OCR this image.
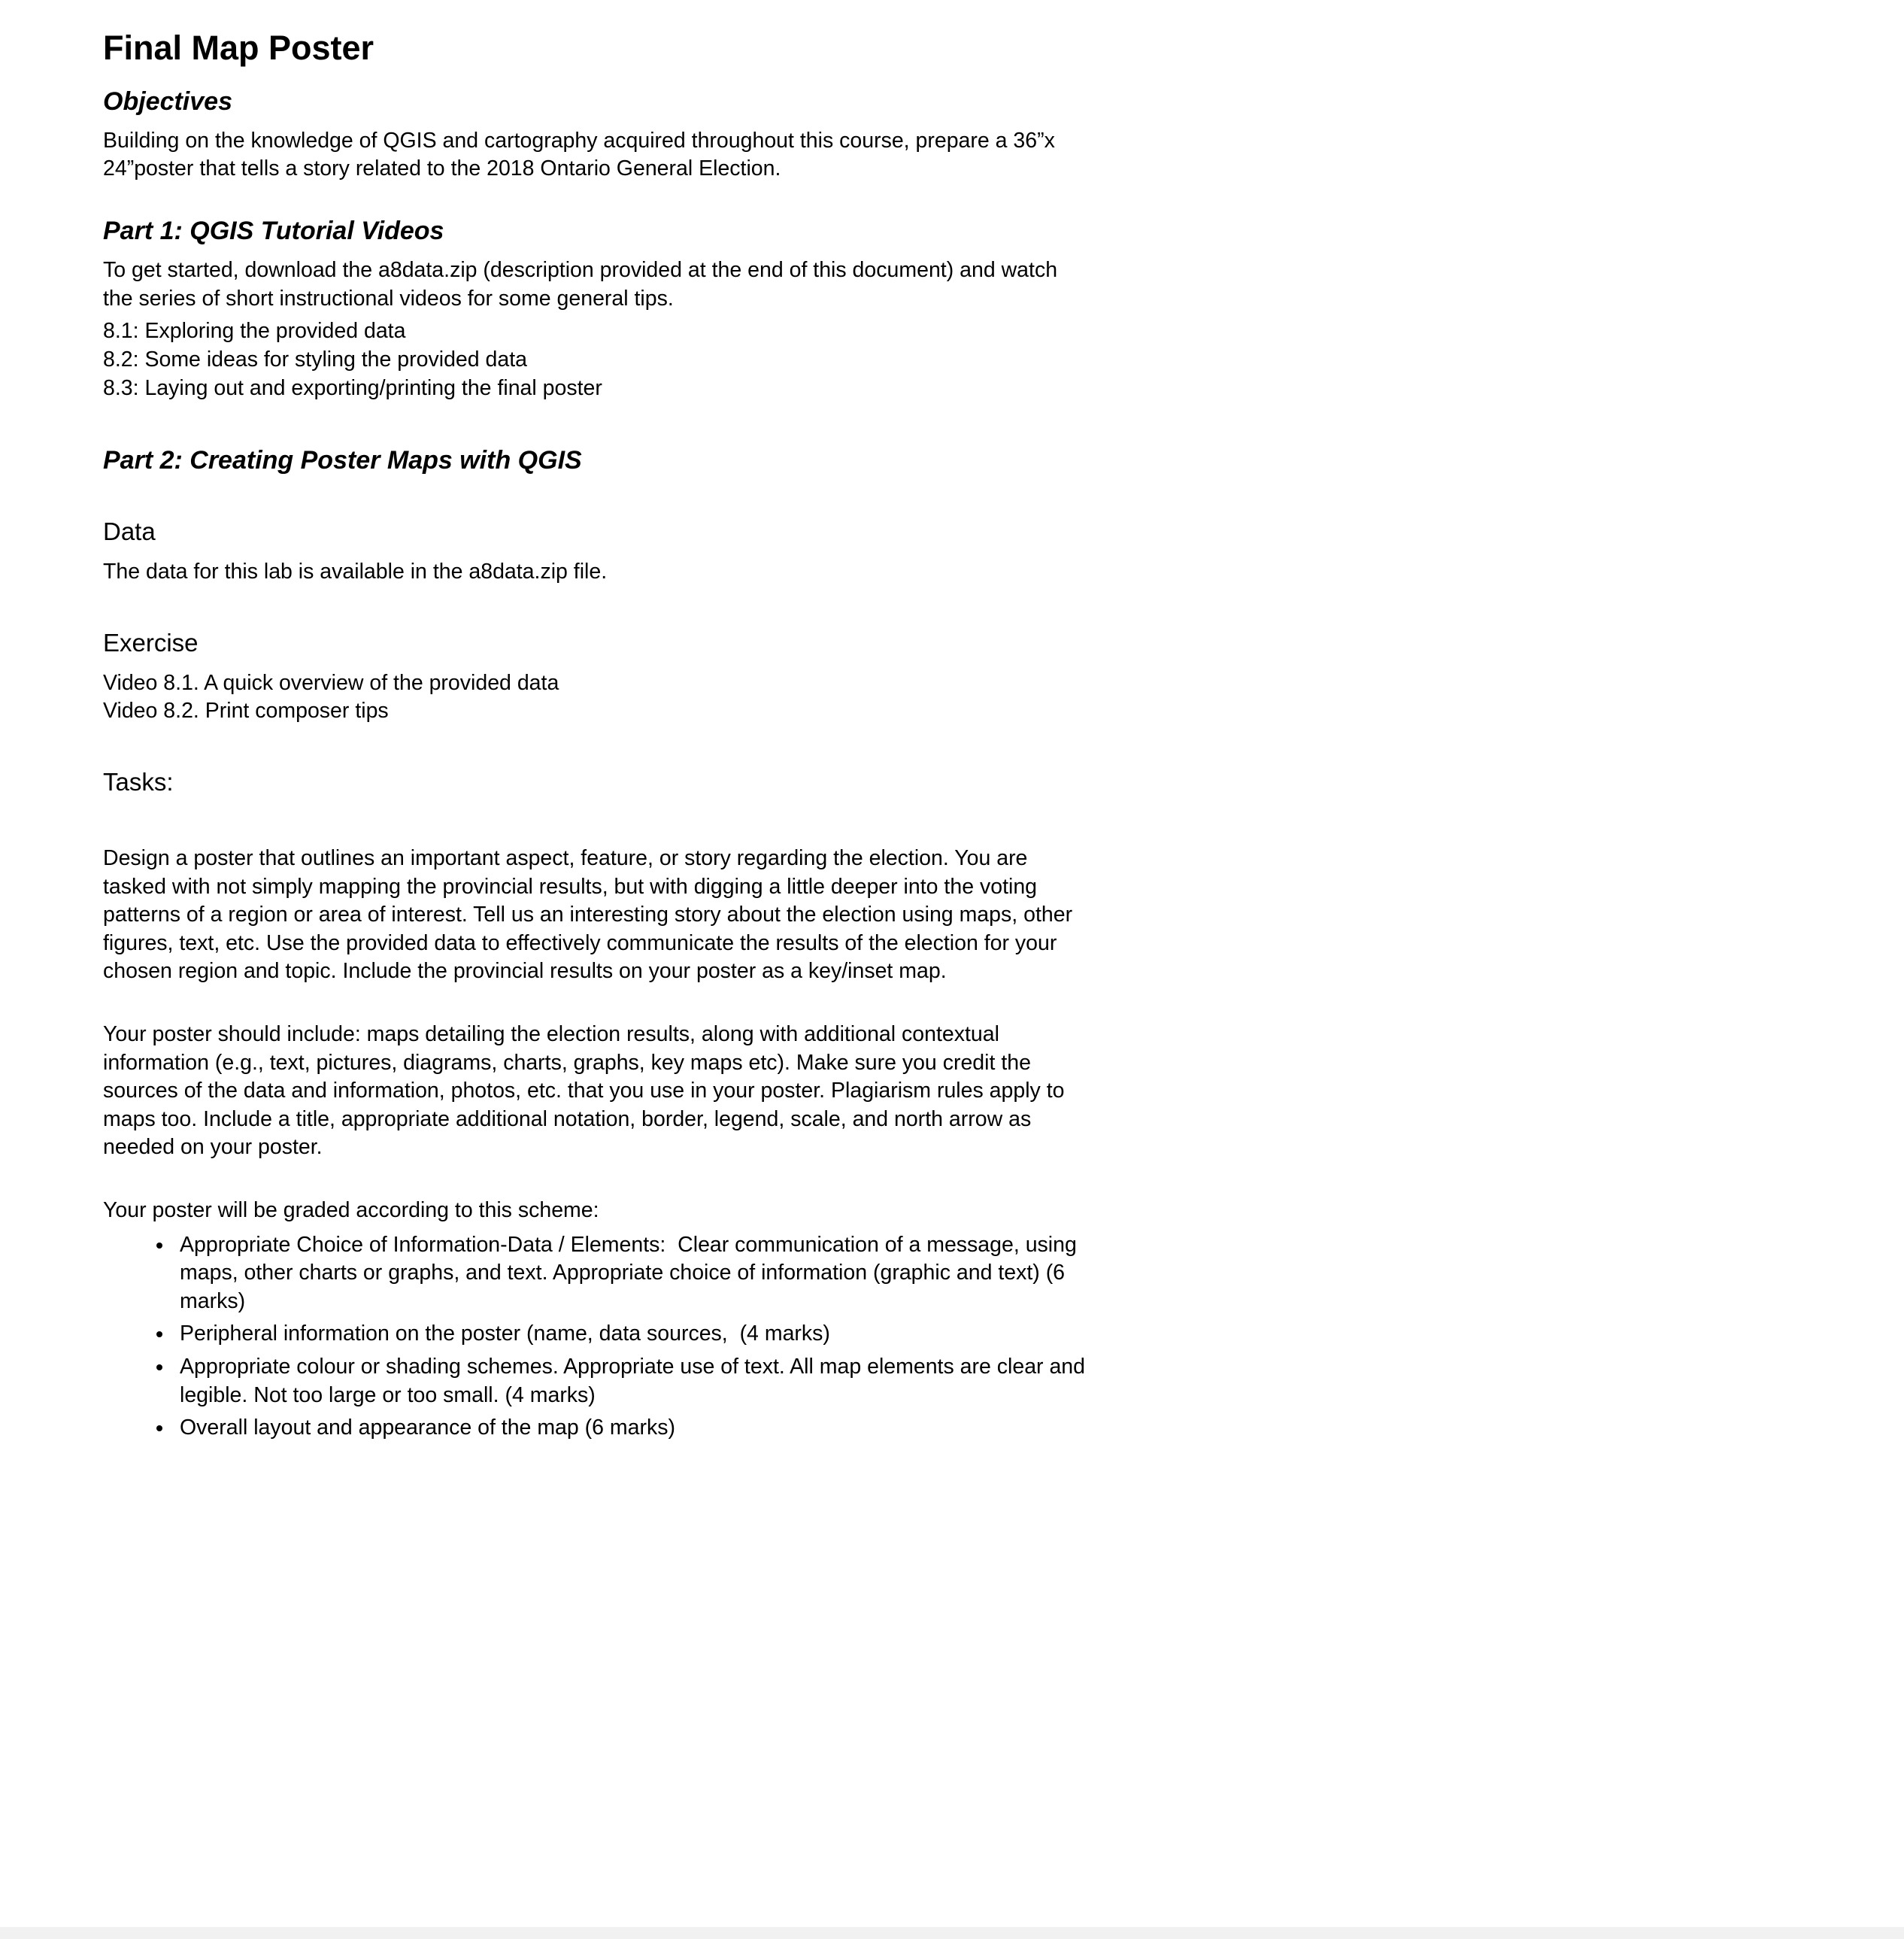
Final Map Poster
Objectives

Building on the knowledge of QGIS and cartography acquired throughout this course, prepare a 36”x 24”poster that tells a story related to the 2018 Ontario General Election.

Part 1: QGIS Tutorial Videos

To get started, download the a8data.zip (description provided at the end of this document) and watch the series of short instructional videos for some general tips.

8.1: Exploring the provided data

8.2: Some ideas for styling the provided data

8.3: Laying out and exporting/printing the final poster

Part 2: Creating Poster Maps with QGIS
Data

The data for this lab is available in the a8data.zip file.

Exercise

Video 8.1. A quick overview of the provided data

Video 8.2. Print composer tips

Tasks:

Design a poster that outlines an important aspect, feature, or story regarding the election. You are tasked with not simply mapping the provincial results, but with digging a little deeper into the voting patterns of a region or area of interest. Tell us an interesting story about the election using maps, other figures, text, etc. Use the provided data to effectively communicate the results of the election for your chosen region and topic. Include the provincial results on your poster as a key/inset map.

Your poster should include: maps detailing the election results, along with additional contextual information (e.g., text, pictures, diagrams, charts, graphs, key maps etc). Make sure you credit the sources of the data and information, photos, etc. that you use in your poster. Plagiarism rules apply to maps too. Include a title, appropriate additional notation, border, legend, scale, and north arrow as needed on your poster.

Your poster will be graded according to this scheme:

• Appropriate Choice of Information-Data / Elements:  Clear communication of a message, using maps, other charts or graphs, and text. Appropriate choice of information (graphic and text) (6 marks)
• Peripheral information on the poster (name, data sources,  (4 marks)
• Appropriate colour or shading schemes. Appropriate use of text. All map elements are clear and legible. Not too large or too small. (4 marks)
• Overall layout and appearance of the map (6 marks)
